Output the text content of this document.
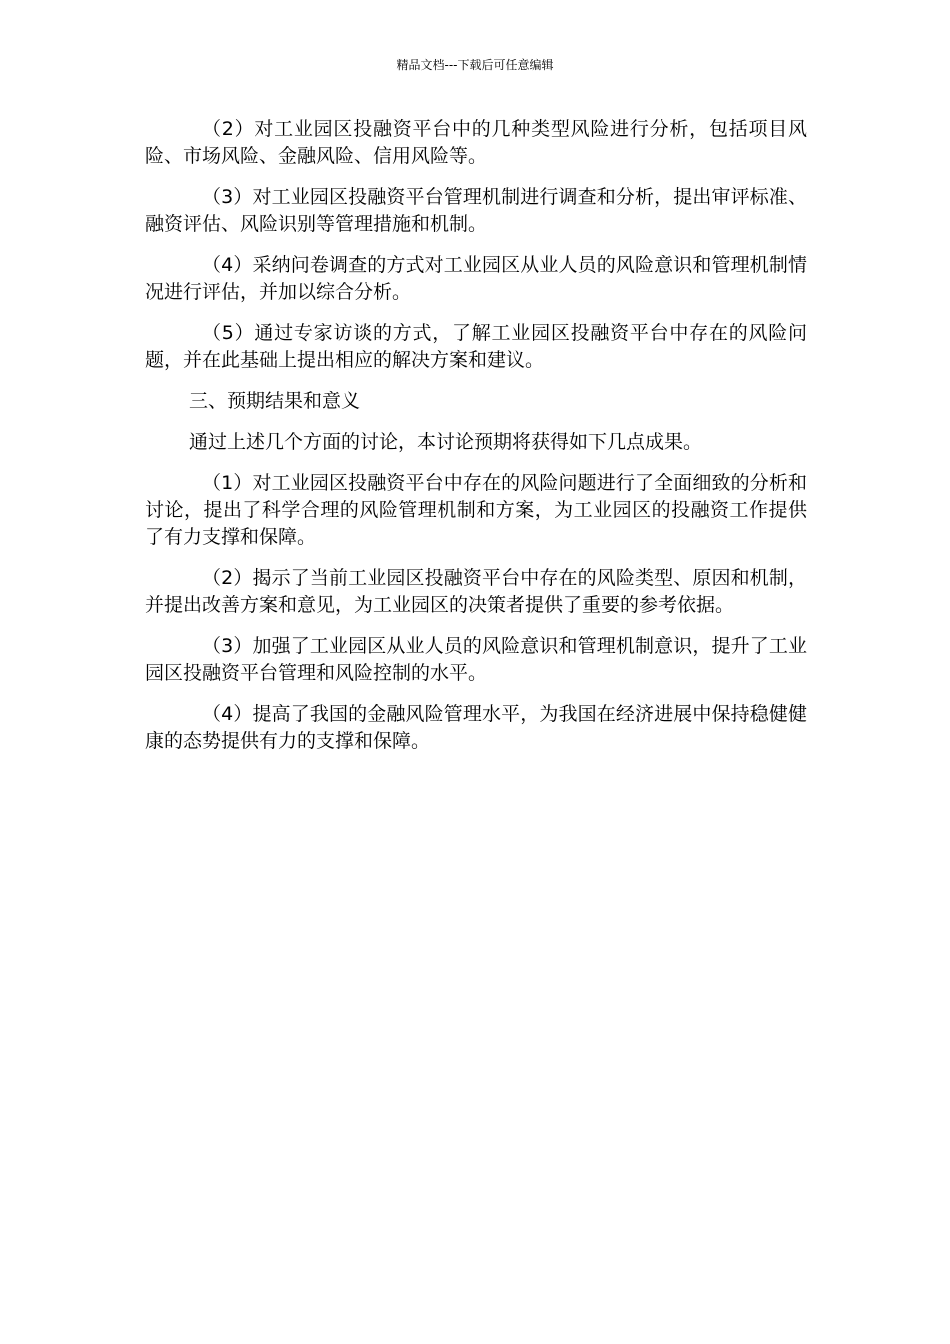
精品文档---下载后可任意编辑

（2）对工业园区投融资平台中的几种类型风险进行分析，包括项目风险、市场风险、金融风险、信用风险等。

（3）对工业园区投融资平台管理机制进行调查和分析，提出审评标准、融资评估、风险识别等管理措施和机制。

（4）采纳问卷调查的方式对工业园区从业人员的风险意识和管理机制情况进行评估，并加以综合分析。

（5）通过专家访谈的方式，了解工业园区投融资平台中存在的风险问题，并在此基础上提出相应的解决方案和建议。

三、预期结果和意义

通过上述几个方面的讨论，本讨论预期将获得如下几点成果。

（1）对工业园区投融资平台中存在的风险问题进行了全面细致的分析和讨论，提出了科学合理的风险管理机制和方案，为工业园区的投融资工作提供了有力支撑和保障。

（2）揭示了当前工业园区投融资平台中存在的风险类型、原因和机制，并提出改善方案和意见，为工业园区的决策者提供了重要的参考依据。

（3）加强了工业园区从业人员的风险意识和管理机制意识，提升了工业园区投融资平台管理和风险控制的水平。

（4）提高了我国的金融风险管理水平，为我国在经济进展中保持稳健健康的态势提供有力的支撑和保障。
